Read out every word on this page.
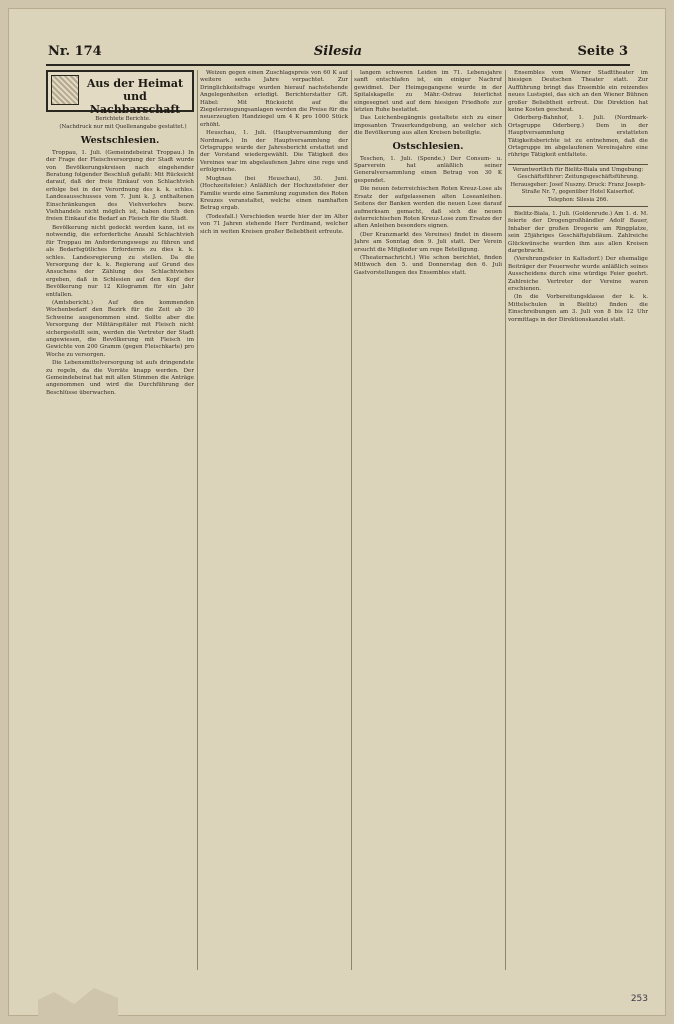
Nr. 174	Silesia	Seite 3
Aus der Heimat und Nachbarschaft

Berichtete Berichte.

(Nachdruck nur mit Quellenangabe gestattet.)

Westschlesien.

Troppau, 1. Juli. (Gemeindebeirat Troppau.) In der Frage der Fleischversorgung der Stadt wurde von Bevölkerungskreisen nach eingehender Beratung folgender Beschluß gefaßt: Mit Rücksicht darauf, daß der freie Einkauf von Schlachtvieh erfolge bei in der Verordnung des k. k. schles. Landesausschusses vom 7. Juni k. J. enthaltenen Einschränkungen des Viehverkehrs bezw. Viehhandels nicht möglich ist, haben durch den freien Einkauf die Bedarf an Fleisch für die Stadt.

Bevölkerung nicht gedeckt werden kann, ist es notwendig, die erforderliche Anzahl Schlachtvieh für Troppau im Anforderungswege zu führen und als Bedarfsgütliches Erfordernis zu dies k. k. schles. Landesregierung zu stellen. Da die Versorgung der k. k. Regierung auf Grund des Ansuchens der Zählung des Schlachtviehes ergeben, daß in Schlesien auf den Kopf der Bevölkerung nur 12 Kilogramm für ein Jahr entfallen.

(Amtsbericht.) Auf den kommenden Wochenbedarf den Bezirk für die Zeit ab 30 Schweine ausgenommen sind. Sollte aber die Versorgung der Militärspitäler mit Fleisch nicht sichergestellt sein, werden die Vertreter der Stadt angewiesen, die Bevölkerung mit Fleisch im Gewichte von 200 Gramm (gegen Fleischkarte) pro Woche zu versorgen.

Die Lebensmittelversorgung ist aufs dringendste zu regeln, da die Vorräte knapp werden. Der Gemeindebeirat hat mit allen Stimmen die Anträge angenommen und wird die Durchführung der Beschlüsse überwachen.

Weizen gegen einen Zuschlagspreis von 60 K auf weitere sechs Jahre verpachtet. Zur Dringlichkeitsfrage wurden hierauf nachstehende Angelegenheiten erledigt. Berichterstatter GR. Häbel: Mit Rücksicht auf die Ziegelerzeugungsanlagen werden die Preise für die neuerzeugten Handziegel um 4 K pro 1000 Stück erhöht.

Heuschau, 1. Juli. (Hauptversammlung der Nordmark.) In der Hauptversammlung der Ortsgruppe wurde der Jahresbericht erstattet und der Vorstand wiedergewählt. Die Tätigkeit des Vereines war im abgelaufenen Jahre eine rege und erfolgreiche.

Mugtnau (bei Heuschau), 30. Juni. (Hochzeitsfeier.) Anläßlich der Hochzeitsfeier der Familie wurde eine Sammlung zugunsten des Roten Kreuzes veranstaltet, welche einen namhaften Betrag ergab.

(Todesfall.) Verschieden wurde hier der im Alter von 71 Jahren stehende Herr Ferdinand, welcher sich in weiten Kreisen großer Beliebtheit erfreute.

langem schweren Leiden im 71. Lebensjahre sanft entschlafen ist, ein einiger Nachruf gewidmet. Der Heimgegangene wurde in der Spitalskapelle zu Mähr.-Ostrau feierlichst eingesegnet und auf dem hiesigen Friedhofe zur letzten Ruhe bestattet.

Das Leichenbegängnis gestaltete sich zu einer imposanten Trauerkundgebung, an welcher sich die Bevölkerung aus allen Kreisen beteiligte.

Ostschlesien.

Teschen, 1. Juli. (Spende.) Der Consum- u. Sparverein hat anläßlich seiner Generalversammlung einen Betrag von 30 K gespendet.

Die neuen österreichischen Roten Kreuz-Lose als Ersatz der aufgelassenen alten Loseanleihen. Seitens der Banken werden die neuen Lose darauf aufmerksam gemacht, daß sich die neuen österreichischen Roten Kreuz-Lose zum Ersatze der alten Anleihen besonders eignen.

(Der Kranzmarkt des Vereines) findet in diesem Jahre am Sonntag den 9. Juli statt. Der Verein ersucht die Mitglieder um rege Beteiligung.

(Theaternachricht.) Wie schon berichtet, finden Mittwoch den 5. und Donnerstag den 6. Juli Gastvorstellungen des Ensembles statt.

Ensembles vom Wiener Stadttheater im hiesigen Deutschen Theater statt. Zur Aufführung bringt das Ensemble ein reizendes neues Lustspiel, das sich an den Wiener Bühnen großer Beliebtheit erfreut. Die Direktion hat keine Kosten gescheut.

Oderberg-Bahnhof, 1. Juli. (Nordmark-Ortsgruppe Oderberg.) Dem in der Hauptversammlung erstatteten Tätigkeitsberichte ist zu entnehmen, daß die Ortsgruppe im abgelaufenen Vereinsjahre eine rührige Tätigkeit entfaltete.

Verantwortlich für Bielitz-Biala und Umgebung: Geschäftsführer: Zeitungsgeschäftsführung. Herausgeber: Josef Nuszny. Druck: Franz Joseph-Straße Nr. 7, gegenüber Hotel Kaiserhof. Telephon: Silesia 266.

Bielitz-Biala, 1. Juli. (Goldenrude.) Am 1. d. M. feierte der Drogengroßhändler Adolf Bauer, Inhaber der großen Drogerie am Ringplatze, sein 25jähriges Geschäftsjubiläum. Zahlreiche Glückwünsche wurden ihm aus allen Kreisen dargebracht.

(Verehrungsfeier in Kaltsdorf.) Der ehemalige Beiträger der Feuerwehr wurde anläßlich seines Ausscheidens durch eine würdige Feier geehrt. Zahlreiche Vertreter der Vereine waren erschienen.

(In die Vorbereitungsklasse der k. k. Mittelschulen in Bielitz) finden die Einschreibungen am 3. Juli von 8 bis 12 Uhr vormittags in der Direktionskanzlei statt.

253
